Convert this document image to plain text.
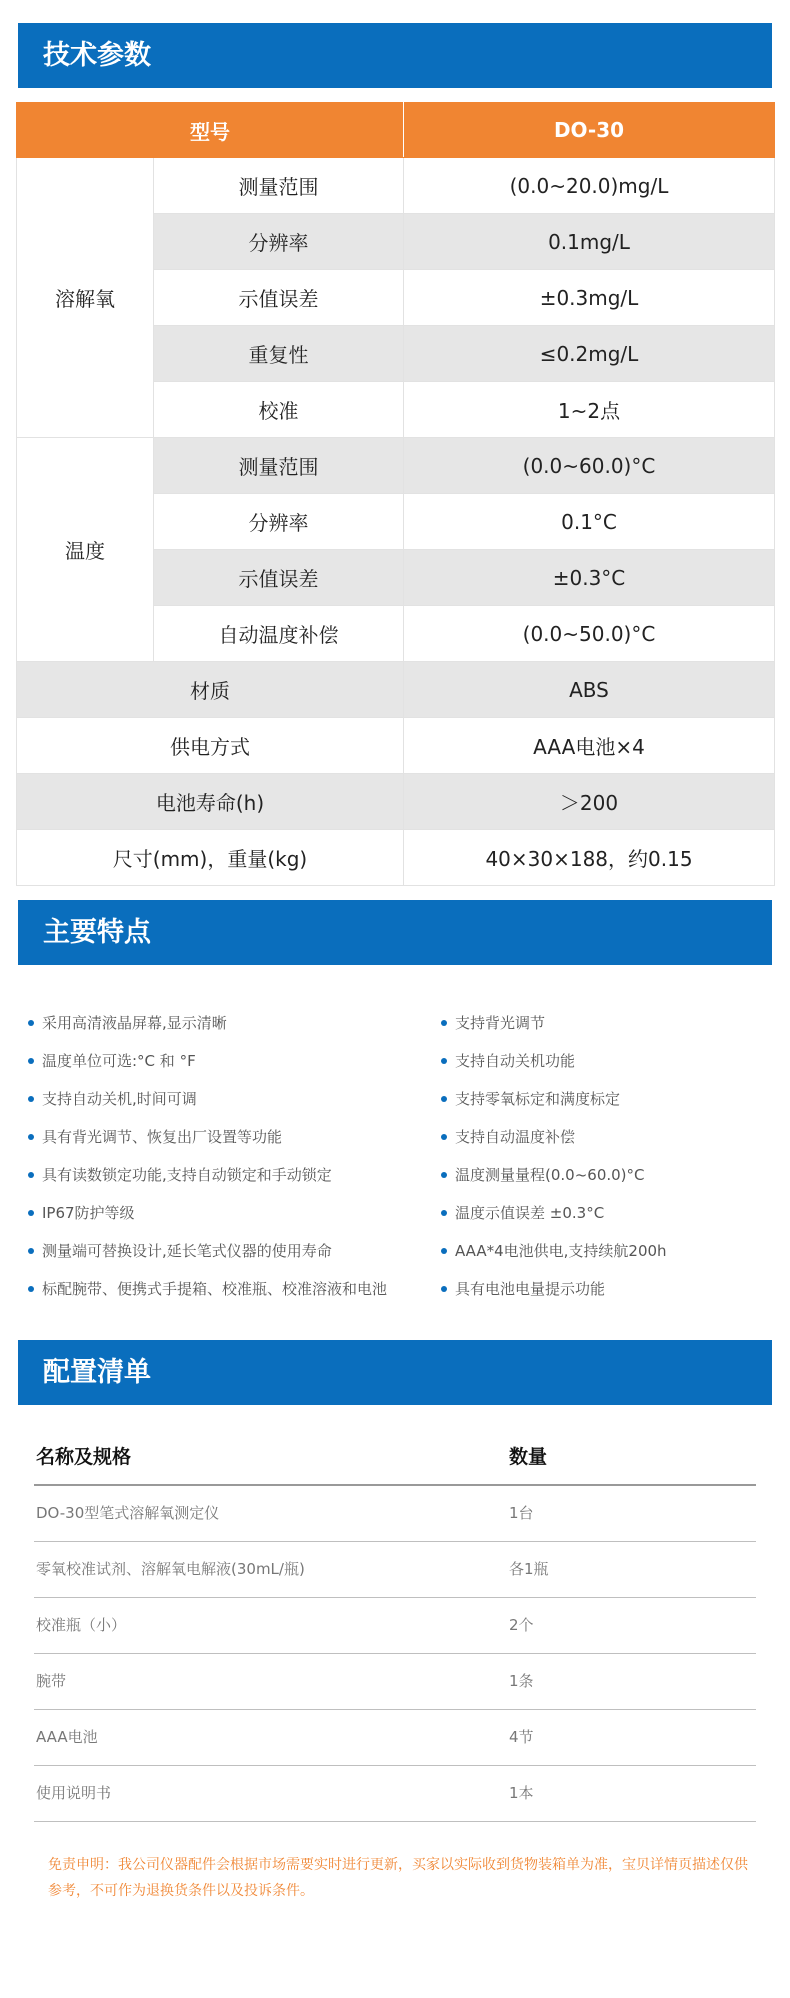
技术参数
型号		DO-30
溶解氧	测量范围	(0.0~20.0)mg/L
	分辨率	0.1mg/L
	示值误差	±0.3mg/L
	重复性	≤0.2mg/L
	校准	1~2点
温度	测量范围	(0.0~60.0)°C
	分辨率	0.1°C
	示值误差	±0.3°C
	自动温度补偿	(0.0~50.0)°C
材质		ABS
供电方式		AAA电池×4
电池寿命(h)		＞200
尺寸(mm)，重量(kg)		40×30×188，约0.15
主要特点
采用高清液晶屏幕,显示清晰
温度单位可选:°C 和 °F
支持自动关机,时间可调
具有背光调节、恢复出厂设置等功能
具有读数锁定功能,支持自动锁定和手动锁定
IP67防护等级
测量端可替换设计,延长笔式仪器的使用寿命
标配腕带、便携式手提箱、校准瓶、校准溶液和电池
支持背光调节
支持自动关机功能
支持零氧标定和满度标定
支持自动温度补偿
温度测量量程(0.0~60.0)°C
温度示值误差 ±0.3°C
AAA*4电池供电,支持续航200h
具有电池电量提示功能
配置清单
名称及规格	数量
DO-30型笔式溶解氧测定仪	1台
零氧校准试剂、溶解氧电解液(30mL/瓶)	各1瓶
校准瓶（小）	2个
腕带	1条
AAA电池	4节
使用说明书	1本
免责申明：我公司仪器配件会根据市场需要实时进行更新，买家以实际收到货物装箱单为准，宝贝详情页描述仅供参考，不可作为退换货条件以及投诉条件。
